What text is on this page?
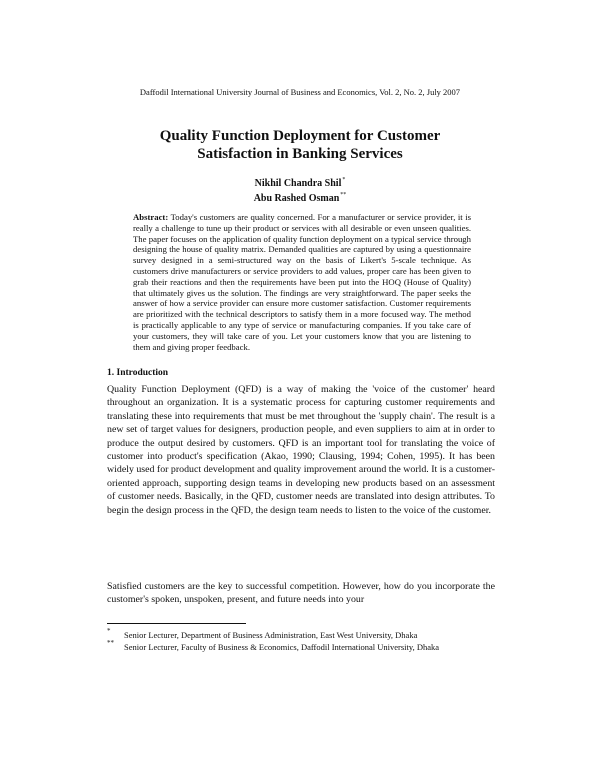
Daffodil International University Journal of Business and Economics, Vol. 2, No. 2, July 2007
Quality Function Deployment for Customer
Satisfaction in Banking Services
Nikhil Chandra Shil*
Abu Rashed Osman**
Abstract: Today's customers are quality concerned. For a manufacturer or service provider, it is really a challenge to tune up their product or services with all desirable or even unseen qualities. The paper focuses on the application of quality function deployment on a typical service through designing the house of quality matrix. Demanded qualities are captured by using a questionnaire survey designed in a semi-structured way on the basis of Likert's 5-scale technique. As customers drive manufacturers or service providers to add values, proper care has been given to grab their reactions and then the requirements have been put into the HOQ (House of Quality) that ultimately gives us the solution. The findings are very straightforward. The paper seeks the answer of how a service provider can ensure more customer satisfaction. Customer requirements are prioritized with the technical descriptors to satisfy them in a more focused way. The method is practically applicable to any type of service or manufacturing companies. If you take care of your customers, they will take care of you. Let your customers know that you are listening to them and giving proper feedback.
1. Introduction
Quality Function Deployment (QFD) is a way of making the 'voice of the customer' heard throughout an organization. It is a systematic process for capturing customer requirements and translating these into requirements that must be met throughout the 'supply chain'. The result is a new set of target values for designers, production people, and even suppliers to aim at in order to produce the output desired by customers. QFD is an important tool for translating the voice of customer into product's specification (Akao, 1990; Clausing, 1994; Cohen, 1995). It has been widely used for product development and quality improvement around the world. It is a customer-oriented approach, supporting design teams in developing new products based on an assessment of customer needs. Basically, in the QFD, customer needs are translated into design attributes. To begin the design process in the QFD, the design team needs to listen to the voice of the customer.
Satisfied customers are the key to successful competition. However, how do you incorporate the customer's spoken, unspoken, present, and future needs into your
* Senior Lecturer, Department of Business Administration, East West University, Dhaka
** Senior Lecturer, Faculty of Business & Economics, Daffodil International University, Dhaka
